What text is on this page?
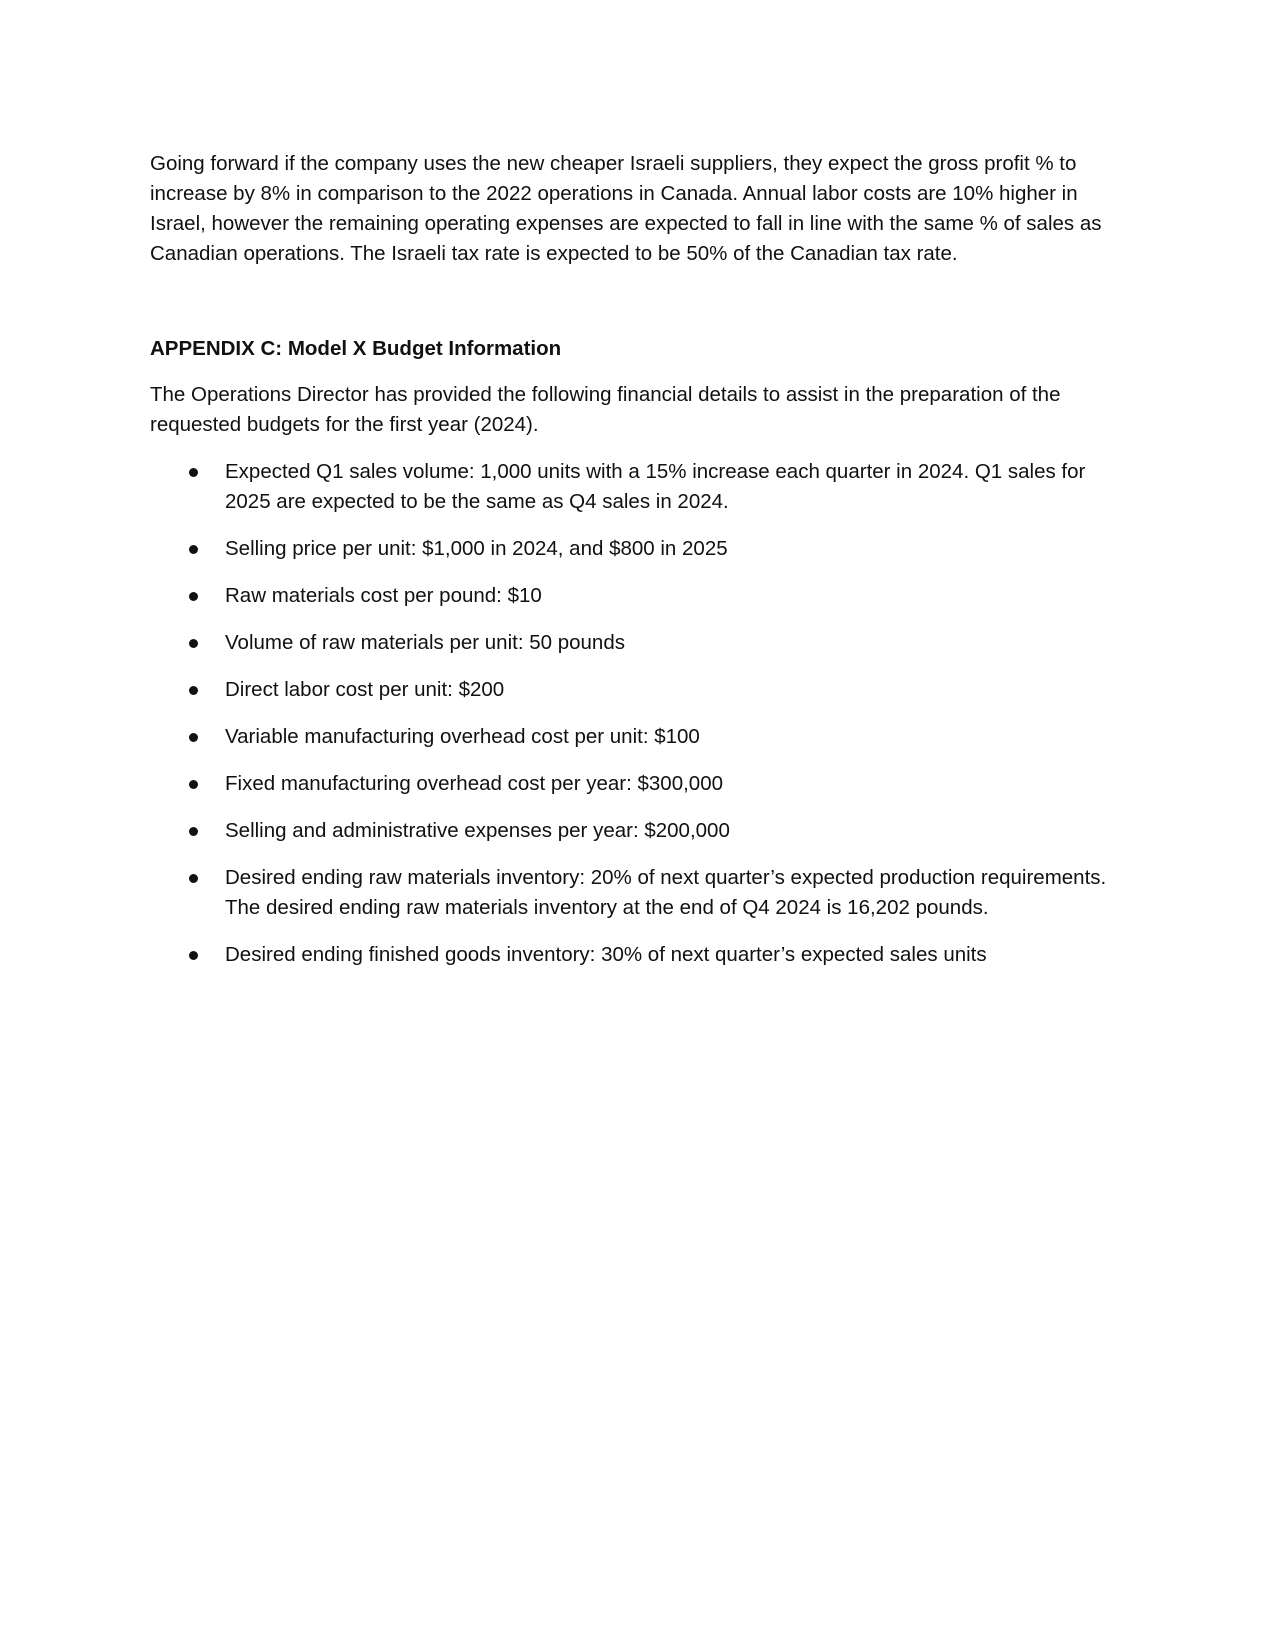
Going forward if the company uses the new cheaper Israeli suppliers, they expect the gross profit % to increase by 8% in comparison to the 2022 operations in Canada. Annual labor costs are 10% higher in Israel, however the remaining operating expenses are expected to fall in line with the same % of sales as Canadian operations. The Israeli tax rate is expected to be 50% of the Canadian tax rate.

APPENDIX C: Model X Budget Information

The Operations Director has provided the following financial details to assist in the preparation of the requested budgets for the first year (2024).

Expected Q1 sales volume: 1,000 units with a 15% increase each quarter in 2024. Q1 sales for 2025 are expected to be the same as Q4 sales in 2024.
Selling price per unit: $1,000 in 2024, and $800 in 2025
Raw materials cost per pound: $10
Volume of raw materials per unit: 50 pounds
Direct labor cost per unit: $200
Variable manufacturing overhead cost per unit: $100
Fixed manufacturing overhead cost per year: $300,000
Selling and administrative expenses per year: $200,000
Desired ending raw materials inventory: 20% of next quarter’s expected production requirements. The desired ending raw materials inventory at the end of Q4 2024 is 16,202 pounds.
Desired ending finished goods inventory: 30% of next quarter’s expected sales units
